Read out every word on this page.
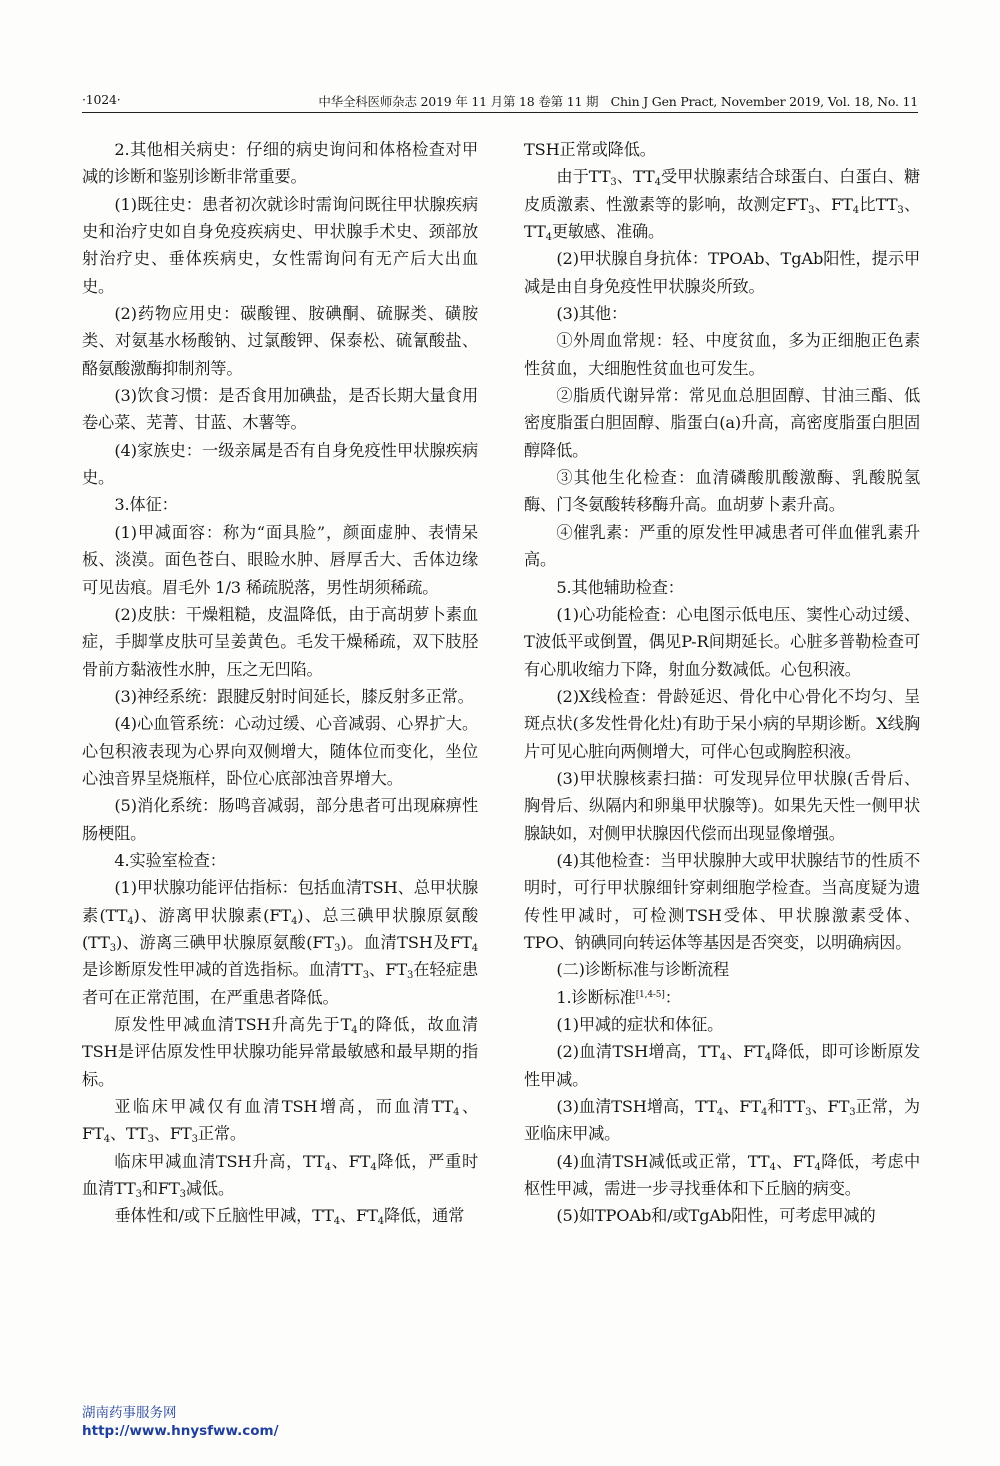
·1024·	中华全科医师杂志 2019 年 11 月第 18 卷第 11 期　Chin J Gen Pract, November 2019, Vol. 18, No. 11

2.其他相关病史：仔细的病史询问和体格检查对甲减的诊断和鉴别诊断非常重要。

(1)既往史：患者初次就诊时需询问既往甲状腺疾病史和治疗史如自身免疫疾病史、甲状腺手术史、颈部放射治疗史、垂体疾病史，女性需询问有无产后大出血史。

(2)药物应用史：碳酸锂、胺碘酮、硫脲类、磺胺类、对氨基水杨酸钠、过氯酸钾、保泰松、硫氰酸盐、酪氨酸激酶抑制剂等。

(3)饮食习惯：是否食用加碘盐，是否长期大量食用卷心菜、芜菁、甘蓝、木薯等。

(4)家族史：一级亲属是否有自身免疫性甲状腺疾病史。

3.体征：

(1)甲减面容：称为“面具脸”，颜面虚肿、表情呆板、淡漠。面色苍白、眼睑水肿、唇厚舌大、舌体边缘可见齿痕。眉毛外 1/3 稀疏脱落，男性胡须稀疏。

(2)皮肤：干燥粗糙，皮温降低，由于高胡萝卜素血症，手脚掌皮肤可呈姜黄色。毛发干燥稀疏，双下肢胫骨前方黏液性水肿，压之无凹陷。

(3)神经系统：跟腱反射时间延长，膝反射多正常。

(4)心血管系统：心动过缓、心音减弱、心界扩大。心包积液表现为心界向双侧增大，随体位而变化，坐位心浊音界呈烧瓶样，卧位心底部浊音界增大。

(5)消化系统：肠鸣音减弱，部分患者可出现麻痹性肠梗阻。

4.实验室检查：

(1)甲状腺功能评估指标：包括血清TSH、总甲状腺素$(TT_4)$、游离甲状腺素$(FT_4)$、总三碘甲状腺原氨酸$(TT_3)$、游离三碘甲状腺原氨酸$(FT_3)$。血清TSH及$FT_4$是诊断原发性甲减的首选指标。血清$TT_3$、$FT_3$在轻症患者可在正常范围，在严重患者降低。

原发性甲减血清TSH升高先于$T_4$的降低，故血清TSH是评估原发性甲状腺功能异常最敏感和最早期的指标。

亚临床甲减仅有血清TSH增高，而血清$TT_4$、$FT_4$、$TT_3$、$FT_3$正常。

临床甲减血清TSH升高，$TT_4$、$FT_4$降低，严重时血清$TT_3$和$FT_3$减低。

垂体性和/或下丘脑性甲减，$TT_4$、$FT_4$降低，通常

TSH正常或降低。

由于$TT_3$、$TT_4$受甲状腺素结合球蛋白、白蛋白、糖皮质激素、性激素等的影响，故测定$FT_3$、$FT_4$比$TT_3$、$TT_4$更敏感、准确。

(2)甲状腺自身抗体：TPOAb、TgAb阳性，提示甲减是由自身免疫性甲状腺炎所致。

(3)其他：

①外周血常规：轻、中度贫血，多为正细胞正色素性贫血，大细胞性贫血也可发生。

②脂质代谢异常：常见血总胆固醇、甘油三酯、低密度脂蛋白胆固醇、脂蛋白(a)升高，高密度脂蛋白胆固醇降低。

③其他生化检查：血清磷酸肌酸激酶、乳酸脱氢酶、门冬氨酸转移酶升高。血胡萝卜素升高。

④催乳素：严重的原发性甲减患者可伴血催乳素升高。

5.其他辅助检查：

(1)心功能检查：心电图示低电压、窦性心动过缓、T波低平或倒置，偶见P-R间期延长。心脏多普勒检查可有心肌收缩力下降，射血分数减低。心包积液。

(2)X线检查：骨龄延迟、骨化中心骨化不均匀、呈斑点状(多发性骨化灶)有助于呆小病的早期诊断。X线胸片可见心脏向两侧增大，可伴心包或胸腔积液。

(3)甲状腺核素扫描：可发现异位甲状腺(舌骨后、胸骨后、纵隔内和卵巢甲状腺等)。如果先天性一侧甲状腺缺如，对侧甲状腺因代偿而出现显像增强。

(4)其他检查：当甲状腺肿大或甲状腺结节的性质不明时，可行甲状腺细针穿刺细胞学检查。当高度疑为遗传性甲减时，可检测TSH受体、甲状腺激素受体、TPO、钠碘同向转运体等基因是否突变，以明确病因。

(二)诊断标准与诊断流程

1.诊断标准[1,4-5]：

(1)甲减的症状和体征。

(2)血清TSH增高，$TT_4$、$FT_4$降低，即可诊断原发性甲减。

(3)血清TSH增高，$TT_4$、$FT_4$和$TT_3$、$FT_3$正常，为亚临床甲减。

(4)血清TSH减低或正常，$TT_4$、$FT_4$降低，考虑中枢性甲减，需进一步寻找垂体和下丘脑的病变。

(5)如TPOAb和/或TgAb阳性，可考虑甲减的

湖南药事服务网
http://www.hnysfww.com/
